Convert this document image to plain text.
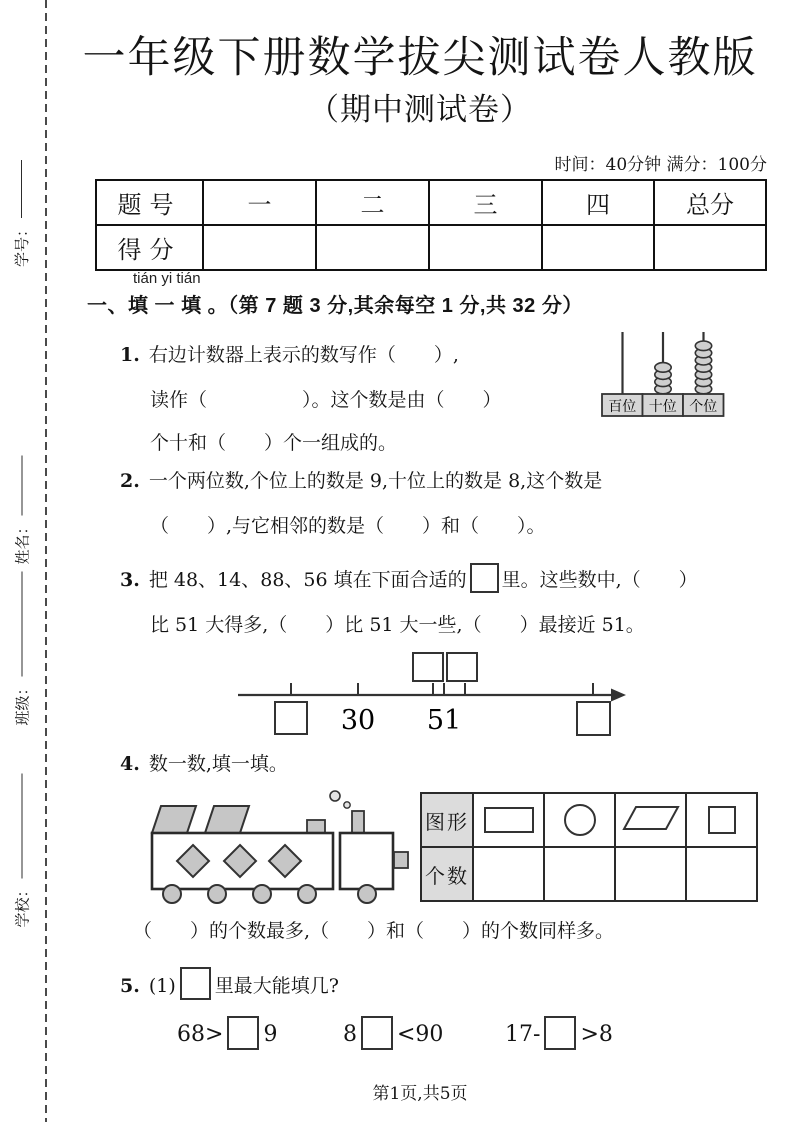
学号：
姓名：
班级：
学校：
一年级下册数学拔尖测试卷人教版
（期中测试卷）
时间：40分钟 满分：100分
题号	一	二	三	四	总分
得分					
tián yi tián
一、填 一 填 。（第 7 题 3 分,其余每空 1 分,共 32 分）
1. 右边计数器上表示的数写作（　　）,
读作（　　　　　）。这个数是由（　　）
个十和（　　）个一组成的。
百位 十位 个位
2. 一个两位数,个位上的数是 9,十位上的数是 8,这个数是
（　　）,与它相邻的数是（　　）和（　　）。
3. 把 48、14、88、56 填在下面合适的 里。这些数中,（　　）
比 51 大得多,（　　）比 51 大一些,（　　）最接近 51。
30 51
4. 数一数,填一填。
图形	

个数				
（　　）的个数最多,（　　）和（　　）的个数同样多。
5. (1) 里最大能填几?
68> 9	8 <90	17- >8
第1页,共5页
